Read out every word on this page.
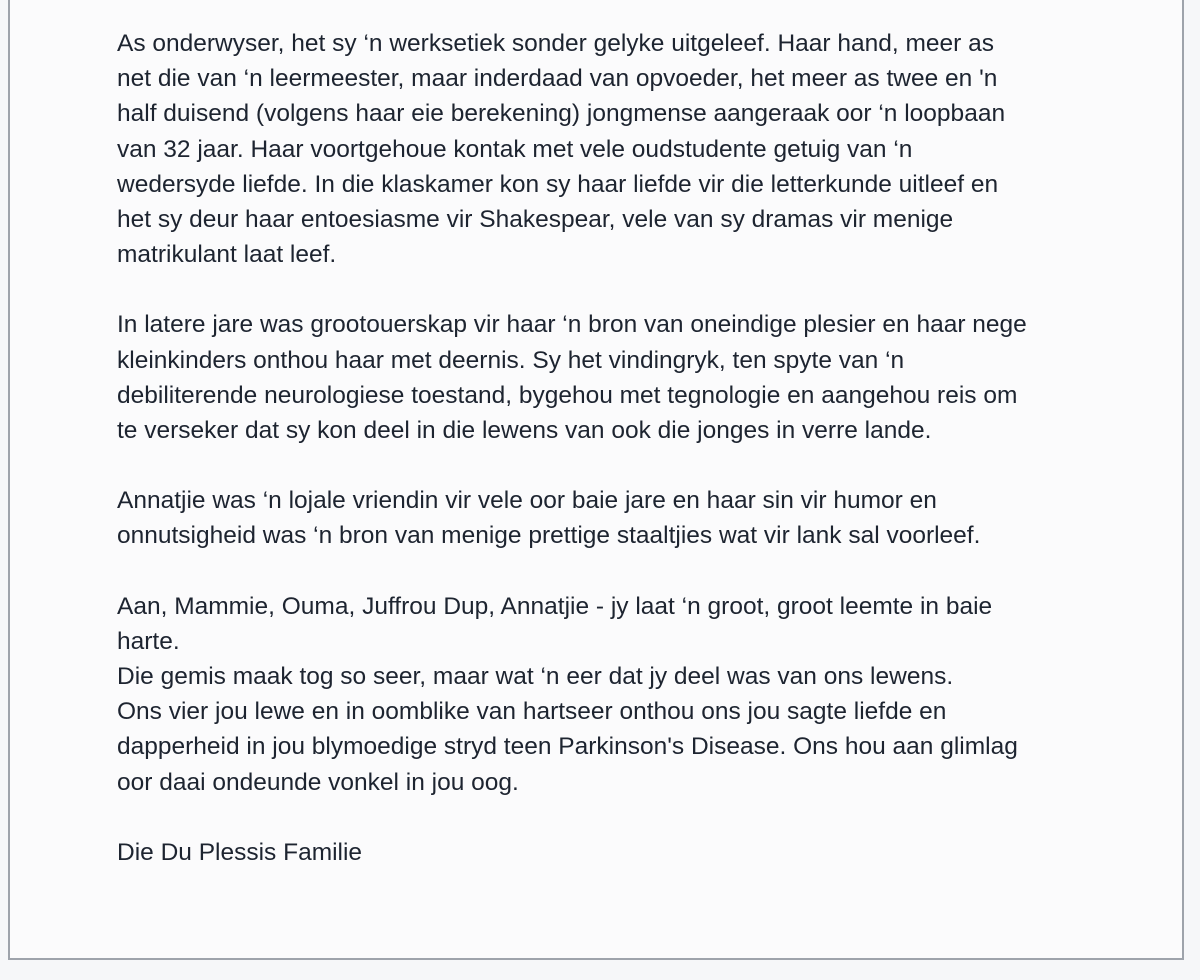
As onderwyser, het sy ‘n werksetiek sonder gelyke uitgeleef. Haar hand, meer as
net die van ‘n leermeester, maar inderdaad van opvoeder, het meer as twee en 'n
half duisend (volgens haar eie berekening) jongmense aangeraak oor ‘n loopbaan
van 32 jaar. Haar voortgehoue kontak met vele oudstudente getuig van ‘n
wedersyde liefde. In die klaskamer kon sy haar liefde vir die letterkunde uitleef en
het sy deur haar entoesiasme vir Shakespear, vele van sy dramas vir menige
matrikulant laat leef.
In latere jare was grootouerskap vir haar ‘n bron van oneindige plesier en haar nege
kleinkinders onthou haar met deernis. Sy het vindingryk, ten spyte van ‘n
debiliterende neurologiese toestand, bygehou met tegnologie en aangehou reis om
te verseker dat sy kon deel in die lewens van ook die jonges in verre lande.
Annatjie was ‘n lojale vriendin vir vele oor baie jare en haar sin vir humor en
onnutsigheid was ‘n bron van menige prettige staaltjies wat vir lank sal voorleef.
Aan, Mammie, Ouma, Juffrou Dup, Annatjie - jy laat ‘n groot, groot leemte in baie
harte.
Die gemis maak tog so seer, maar wat ‘n eer dat jy deel was van ons lewens.
Ons vier jou lewe en in oomblike van hartseer onthou ons jou sagte liefde en
dapperheid in jou blymoedige stryd teen Parkinson's Disease. Ons hou aan glimlag
oor daai ondeunde vonkel in jou oog.
Die Du Plessis Familie
